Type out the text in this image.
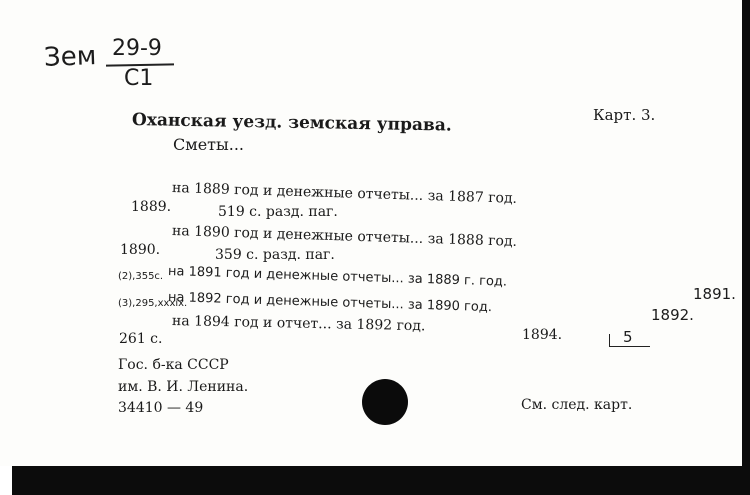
Зем 29-9
C1
Оханская уезд. земская управа.	Карт. 3.
Сметы...
на 1889 год и денежные отчеты... за 1887 год.
1889.	519 с. разд. паг.
на 1890 год и денежные отчеты... за 1888 год.
1890.	359 с. разд. паг.
(2),355с. на 1891 год и денежные отчеты... за 1889 г. год.
1891.
(3),295,xxxix.
на 1892 год и денежные отчеты... за 1890 год.	1892.
на 1894 год и отчет... за 1892 год.
1894.
261 с.	5
Гос. б-ка СССР
им. В. И. Ленина.
34410 — 49	См. след. карт.
